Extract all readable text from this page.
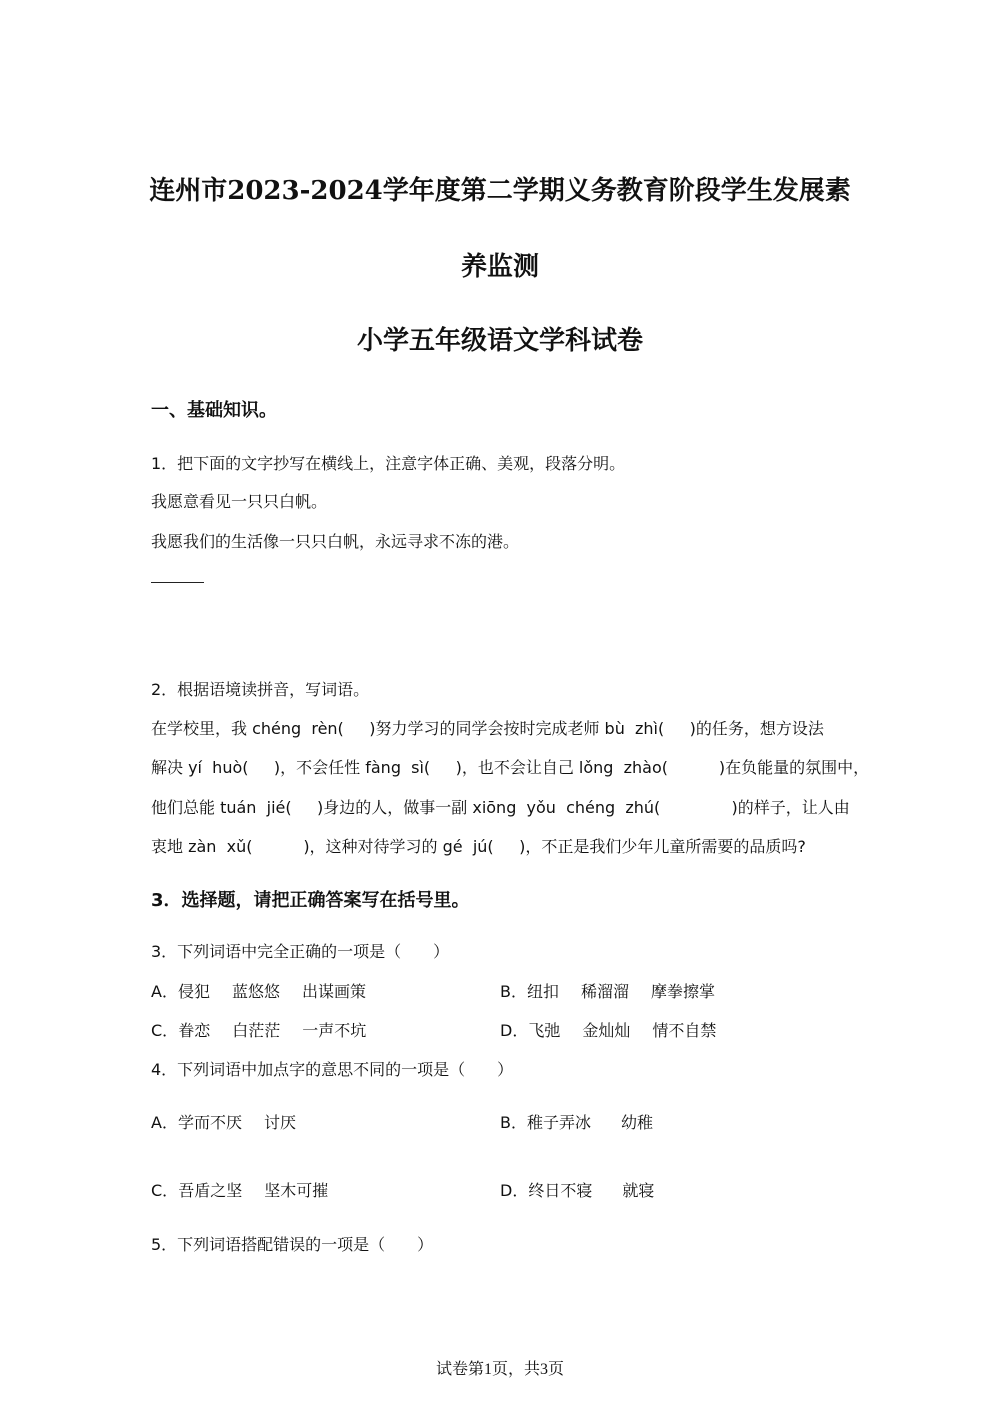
连州市2023-2024学年度第二学期义务教育阶段学生发展素
养监测
小学五年级语文学科试卷
一、基础知识。
1．把下面的文字抄写在横线上，注意字体正确、美观，段落分明。
我愿意看见一只只白帆。
我愿我们的生活像一只只白帆，永远寻求不冻的港。
2．根据语境读拼音，写词语。
在学校里，我 chéng  rèn(     )努力学习的同学会按时完成老师 bù  zhì(     )的任务，想方设法
解决 yí  huò(     )，不会任性 fàng  sì(     )，也不会让自己 lǒng  zhào(          )在负能量的氛围中，
他们总能 tuán  jié(     )身边的人，做事一副 xiōng  yǒu  chéng  zhú(              )的样子，让人由
衷地 zàn  xǔ(          )，这种对待学习的 gé  jú(     )，不正是我们少年儿童所需要的品质吗?
3．选择题，请把正确答案写在括号里。
3．下列词语中完全正确的一项是（　　）
A．侵犯 蓝悠悠 出谋画策	B．纽扣 稀溜溜 摩拳擦掌
C．眷恋 白茫茫 一声不坑	D．飞弛 金灿灿 情不自禁
4．下列词语中加点字的意思不同的一项是（　　）
A．学而不厌 讨厌	B．稚子弄冰 幼稚
C．吾盾之坚 坚木可摧	D．终日不寝 就寝
5．下列词语搭配错误的一项是（　　）
试卷第1页，共3页
